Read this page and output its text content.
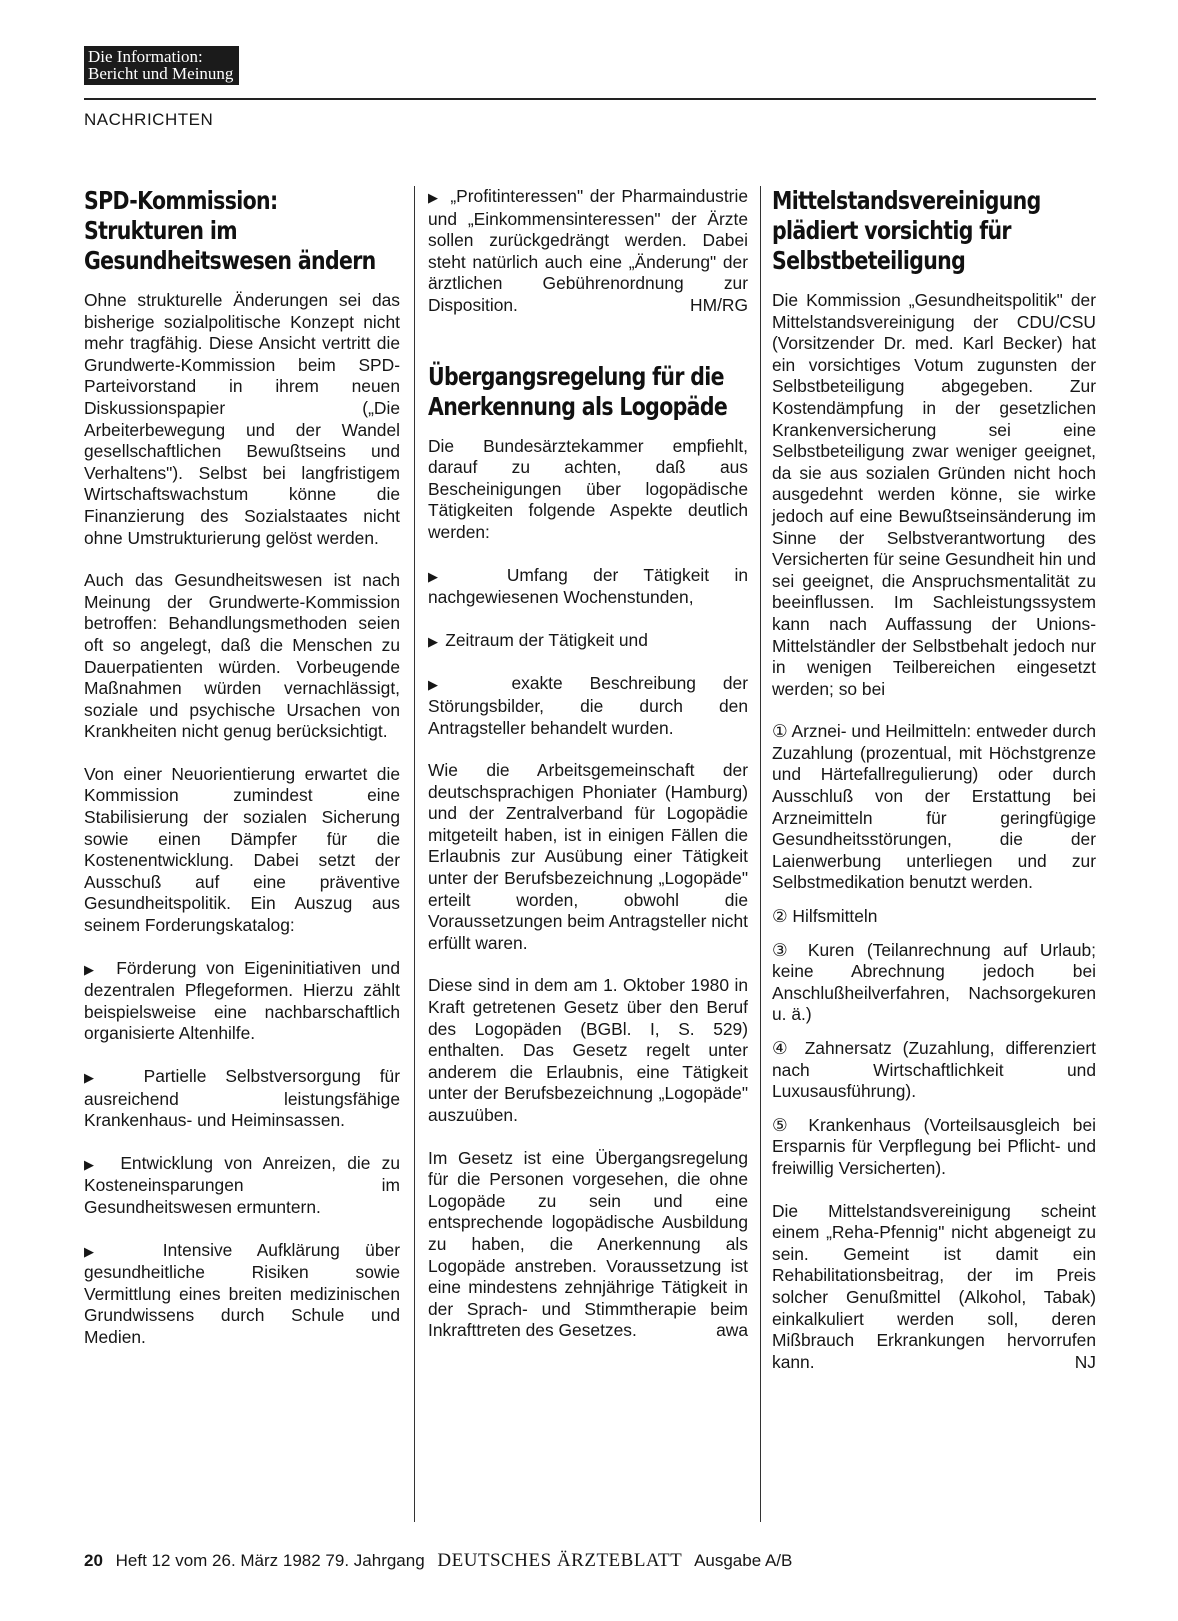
Die Information:
Bericht und Meinung
NACHRICHTEN
SPD-Kommission: Strukturen im Gesundheitswesen ändern

Ohne strukturelle Änderungen sei das bisherige sozialpolitische Konzept nicht mehr tragfähig. Diese Ansicht vertritt die Grundwerte-Kommission beim SPD-Parteivorstand in ihrem neuen Diskussionspapier („Die Arbeiterbewegung und der Wandel gesellschaftlichen Bewußtseins und Verhaltens"). Selbst bei langfristigem Wirtschaftswachstum könne die Finanzierung des Sozialstaates nicht ohne Umstrukturierung gelöst werden.

Auch das Gesundheitswesen ist nach Meinung der Grundwerte-Kommission betroffen: Behandlungsmethoden seien oft so angelegt, daß die Menschen zu Dauerpatienten würden. Vorbeugende Maßnahmen würden vernachlässigt, soziale und psychische Ursachen von Krankheiten nicht genug berücksichtigt.

Von einer Neuorientierung erwartet die Kommission zumindest eine Stabilisierung der sozialen Sicherung sowie einen Dämpfer für die Kostenentwicklung. Dabei setzt der Ausschuß auf eine präventive Gesundheitspolitik. Ein Auszug aus seinem Forderungskatalog:

▶  Förderung von Eigeninitiativen und dezentralen Pflegeformen. Hierzu zählt beispielsweise eine nachbarschaftlich organisierte Altenhilfe.

▶  Partielle Selbstversorgung für ausreichend leistungsfähige Krankenhaus- und Heiminsassen.

▶  Entwicklung von Anreizen, die zu Kosteneinsparungen im Gesundheitswesen ermuntern.

▶  Intensive Aufklärung über gesundheitliche Risiken sowie Vermittlung eines breiten medizinischen Grundwissens durch Schule und Medien.

▶  „Profitinteressen" der Pharmaindustrie und „Einkommensinteressen" der Ärzte sollen zurückgedrängt werden. Dabei steht natürlich auch eine „Änderung" der ärztlichen Gebührenordnung zur Disposition.	HM/RG

Übergangsregelung für die Anerkennung als Logopäde

Die Bundesärztekammer empfiehlt, darauf zu achten, daß aus Bescheinigungen über logopädische Tätigkeiten folgende Aspekte deutlich werden:

▶  Umfang der Tätigkeit in nachgewiesenen Wochenstunden,

▶  Zeitraum der Tätigkeit und

▶  exakte Beschreibung der Störungsbilder, die durch den Antragsteller behandelt wurden.

Wie die Arbeitsgemeinschaft der deutschsprachigen Phoniater (Hamburg) und der Zentralverband für Logopädie mitgeteilt haben, ist in einigen Fällen die Erlaubnis zur Ausübung einer Tätigkeit unter der Berufsbezeichnung „Logopäde" erteilt worden, obwohl die Voraussetzungen beim Antragsteller nicht erfüllt waren.

Diese sind in dem am 1. Oktober 1980 in Kraft getretenen Gesetz über den Beruf des Logopäden (BGBl. I, S. 529) enthalten. Das Gesetz regelt unter anderem die Erlaubnis, eine Tätigkeit unter der Berufsbezeichnung „Logopäde" auszuüben.

Im Gesetz ist eine Übergangsregelung für die Personen vorgesehen, die ohne Logopäde zu sein und eine entsprechende logopädische Ausbildung zu haben, die Anerkennung als Logopäde anstreben. Voraussetzung ist eine mindestens zehnjährige Tätigkeit in der Sprach- und Stimmtherapie beim Inkrafttreten des Gesetzes.	awa

Mittelstandsvereinigung plädiert vorsichtig für Selbstbeteiligung

Die Kommission „Gesundheitspolitik" der Mittelstandsvereinigung der CDU/CSU (Vorsitzender Dr. med. Karl Becker) hat ein vorsichtiges Votum zugunsten der Selbstbeteiligung abgegeben. Zur Kostendämpfung in der gesetzlichen Krankenversicherung sei eine Selbstbeteiligung zwar weniger geeignet, da sie aus sozialen Gründen nicht hoch ausgedehnt werden könne, sie wirke jedoch auf eine Bewußtseinsänderung im Sinne der Selbstverantwortung des Versicherten für seine Gesundheit hin und sei geeignet, die Anspruchsmentalität zu beeinflussen. Im Sachleistungssystem kann nach Auffassung der Unions-Mittelständler der Selbstbehalt jedoch nur in wenigen Teilbereichen eingesetzt werden; so bei

① Arznei- und Heilmitteln: entweder durch Zuzahlung (prozentual, mit Höchstgrenze und Härtefallregulierung) oder durch Ausschluß von der Erstattung bei Arzneimitteln für geringfügige Gesundheitsstörungen, die der Laienwerbung unterliegen und zur Selbstmedikation benutzt werden.

② Hilfsmitteln

③ Kuren (Teilanrechnung auf Urlaub; keine Abrechnung jedoch bei Anschlußheilverfahren, Nachsorgekuren u. ä.)

④ Zahnersatz (Zuzahlung, differenziert nach Wirtschaftlichkeit und Luxusausführung).

⑤ Krankenhaus (Vorteilsausgleich bei Ersparnis für Verpflegung bei Pflicht- und freiwillig Versicherten).

Die Mittelstandsvereinigung scheint einem „Reha-Pfennig" nicht abgeneigt zu sein. Gemeint ist damit ein Rehabilitationsbeitrag, der im Preis solcher Genußmittel (Alkohol, Tabak) einkalkuliert werden soll, deren Mißbrauch Erkrankungen hervorrufen kann.	NJ

20 Heft 12 vom 26. März 1982 79. Jahrgang DEUTSCHES ÄRZTEBLATT Ausgabe A/B
